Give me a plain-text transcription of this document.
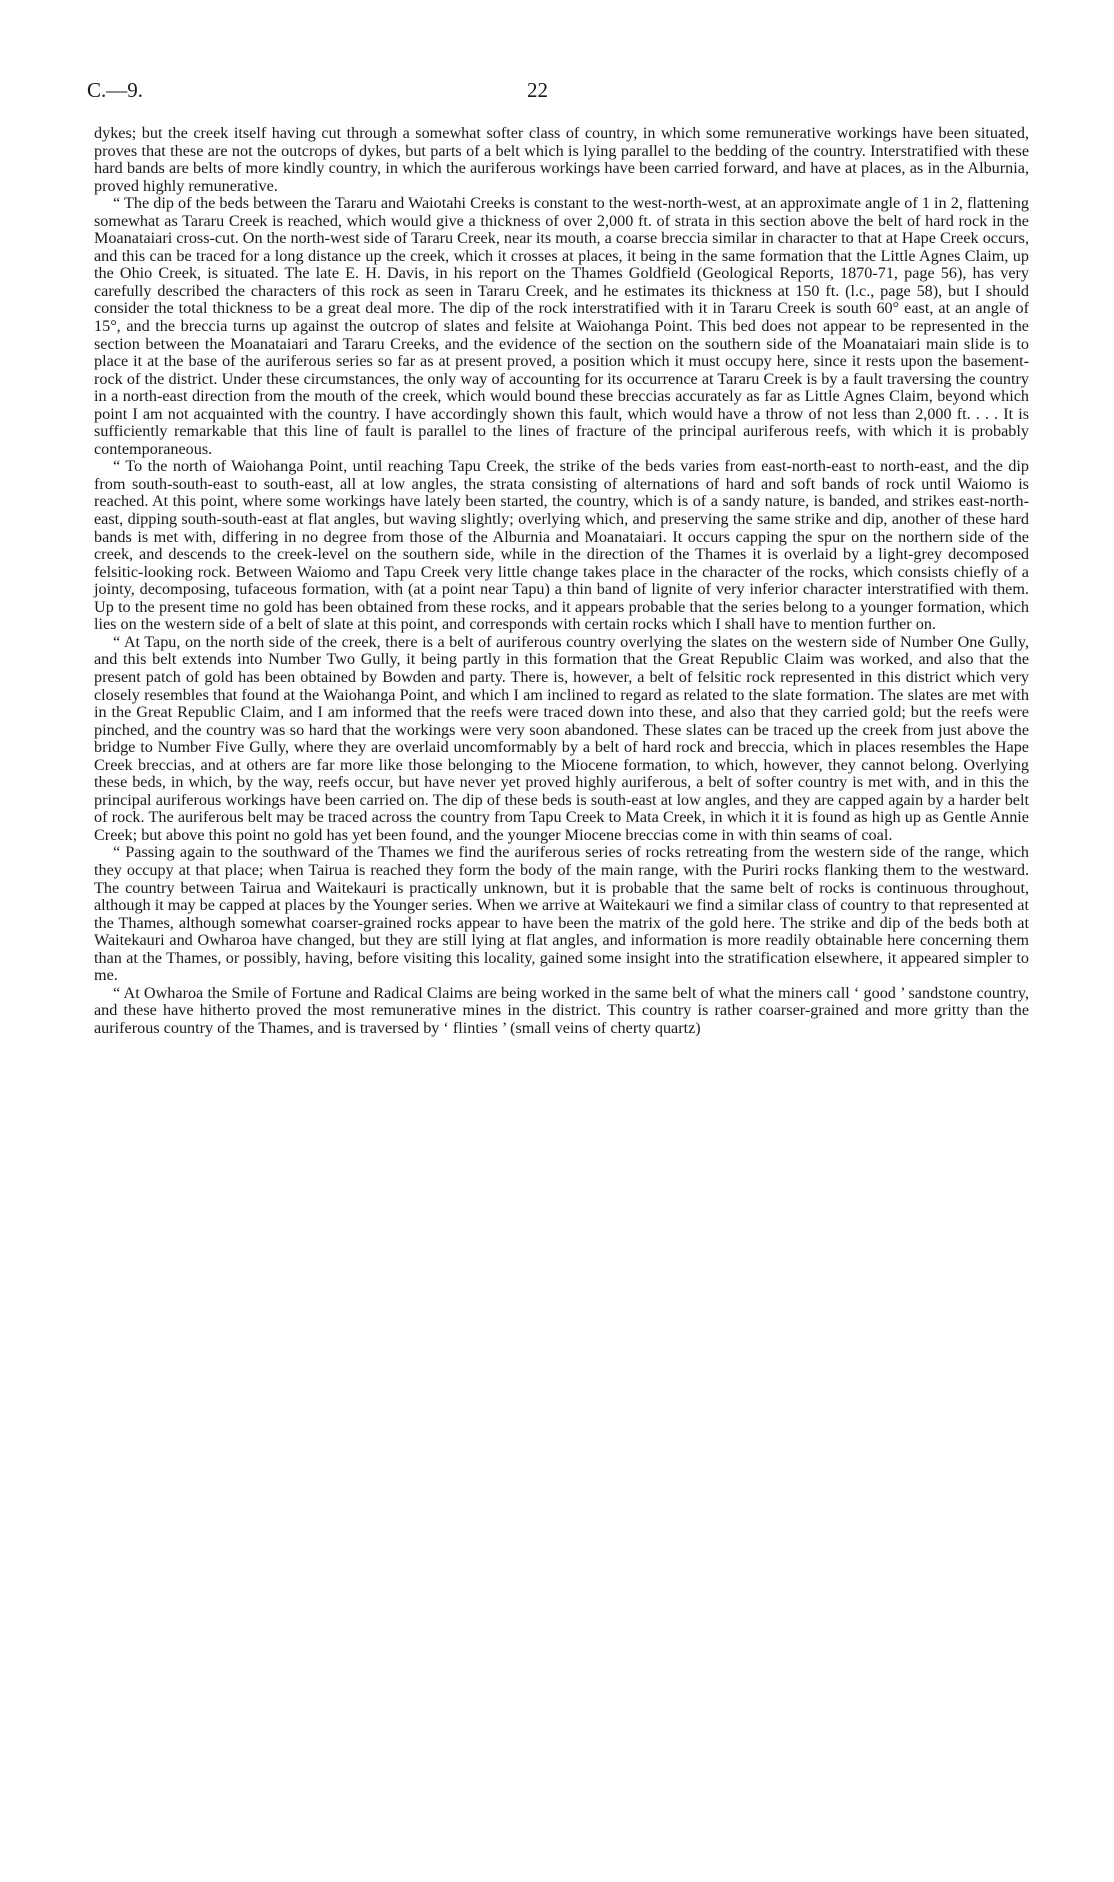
C.—9.	22

dykes; but the creek itself having cut through a somewhat softer class of country, in which some remunerative workings have been situated, proves that these are not the outcrops of dykes, but parts of a belt which is lying parallel to the bedding of the country. Interstratified with these hard bands are belts of more kindly country, in which the auriferous workings have been carried forward, and have at places, as in the Alburnia, proved highly remunerative.

“ The dip of the beds between the Tararu and Waiotahi Creeks is constant to the west-north-west, at an approximate angle of 1 in 2, flattening somewhat as Tararu Creek is reached, which would give a thickness of over 2,000 ft. of strata in this section above the belt of hard rock in the Moanataiari cross-cut. On the north-west side of Tararu Creek, near its mouth, a coarse breccia similar in character to that at Hape Creek occurs, and this can be traced for a long distance up the creek, which it crosses at places, it being in the same formation that the Little Agnes Claim, up the Ohio Creek, is situated. The late E. H. Davis, in his report on the Thames Goldfield (Geological Reports, 1870-71, page 56), has very carefully described the characters of this rock as seen in Tararu Creek, and he estimates its thickness at 150 ft. (l.c., page 58), but I should consider the total thickness to be a great deal more. The dip of the rock interstratified with it in Tararu Creek is south 60° east, at an angle of 15°, and the breccia turns up against the outcrop of slates and felsite at Waiohanga Point. This bed does not appear to be represented in the section between the Moanataiari and Tararu Creeks, and the evidence of the section on the southern side of the Moanataiari main slide is to place it at the base of the auriferous series so far as at present proved, a position which it must occupy here, since it rests upon the basement-rock of the district. Under these circumstances, the only way of accounting for its occurrence at Tararu Creek is by a fault traversing the country in a north-east direction from the mouth of the creek, which would bound these breccias accurately as far as Little Agnes Claim, beyond which point I am not acquainted with the country. I have accordingly shown this fault, which would have a throw of not less than 2,000 ft. . . . It is sufficiently remarkable that this line of fault is parallel to the lines of fracture of the principal auriferous reefs, with which it is probably contemporaneous.

“ To the north of Waiohanga Point, until reaching Tapu Creek, the strike of the beds varies from east-north-east to north-east, and the dip from south-south-east to south-east, all at low angles, the strata consisting of alternations of hard and soft bands of rock until Waiomo is reached. At this point, where some workings have lately been started, the country, which is of a sandy nature, is banded, and strikes east-north-east, dipping south-south-east at flat angles, but waving slightly; overlying which, and preserving the same strike and dip, another of these hard bands is met with, differing in no degree from those of the Alburnia and Moanataiari. It occurs capping the spur on the northern side of the creek, and descends to the creek-level on the southern side, while in the direction of the Thames it is overlaid by a light-grey decomposed felsitic-looking rock. Between Waiomo and Tapu Creek very little change takes place in the character of the rocks, which consists chiefly of a jointy, decomposing, tufaceous formation, with (at a point near Tapu) a thin band of lignite of very inferior character interstratified with them. Up to the present time no gold has been obtained from these rocks, and it appears probable that the series belong to a younger formation, which lies on the western side of a belt of slate at this point, and corresponds with certain rocks which I shall have to mention further on.

“ At Tapu, on the north side of the creek, there is a belt of auriferous country overlying the slates on the western side of Number One Gully, and this belt extends into Number Two Gully, it being partly in this formation that the Great Republic Claim was worked, and also that the present patch of gold has been obtained by Bowden and party. There is, however, a belt of felsitic rock represented in this district which very closely resembles that found at the Waiohanga Point, and which I am inclined to regard as related to the slate formation. The slates are met with in the Great Republic Claim, and I am informed that the reefs were traced down into these, and also that they carried gold; but the reefs were pinched, and the country was so hard that the workings were very soon abandoned. These slates can be traced up the creek from just above the bridge to Number Five Gully, where they are overlaid uncomformably by a belt of hard rock and breccia, which in places resembles the Hape Creek breccias, and at others are far more like those belonging to the Miocene formation, to which, however, they cannot belong. Overlying these beds, in which, by the way, reefs occur, but have never yet proved highly auriferous, a belt of softer country is met with, and in this the principal auriferous workings have been carried on. The dip of these beds is south-east at low angles, and they are capped again by a harder belt of rock. The auriferous belt may be traced across the country from Tapu Creek to Mata Creek, in which it it is found as high up as Gentle Annie Creek; but above this point no gold has yet been found, and the younger Miocene breccias come in with thin seams of coal.

“ Passing again to the southward of the Thames we find the auriferous series of rocks retreating from the western side of the range, which they occupy at that place; when Tairua is reached they form the body of the main range, with the Puriri rocks flanking them to the westward. The country between Tairua and Waitekauri is practically unknown, but it is probable that the same belt of rocks is continuous throughout, although it may be capped at places by the Younger series. When we arrive at Waitekauri we find a similar class of country to that represented at the Thames, although somewhat coarser-grained rocks appear to have been the matrix of the gold here. The strike and dip of the beds both at Waitekauri and Owharoa have changed, but they are still lying at flat angles, and information is more readily obtainable here concerning them than at the Thames, or possibly, having, before visiting this locality, gained some insight into the stratification elsewhere, it appeared simpler to me.

“ At Owharoa the Smile of Fortune and Radical Claims are being worked in the same belt of what the miners call ‘ good ’ sandstone country, and these have hitherto proved the most remunerative mines in the district. This country is rather coarser-grained and more gritty than the auriferous country of the Thames, and is traversed by ‘ flinties ’ (small veins of cherty quartz)
